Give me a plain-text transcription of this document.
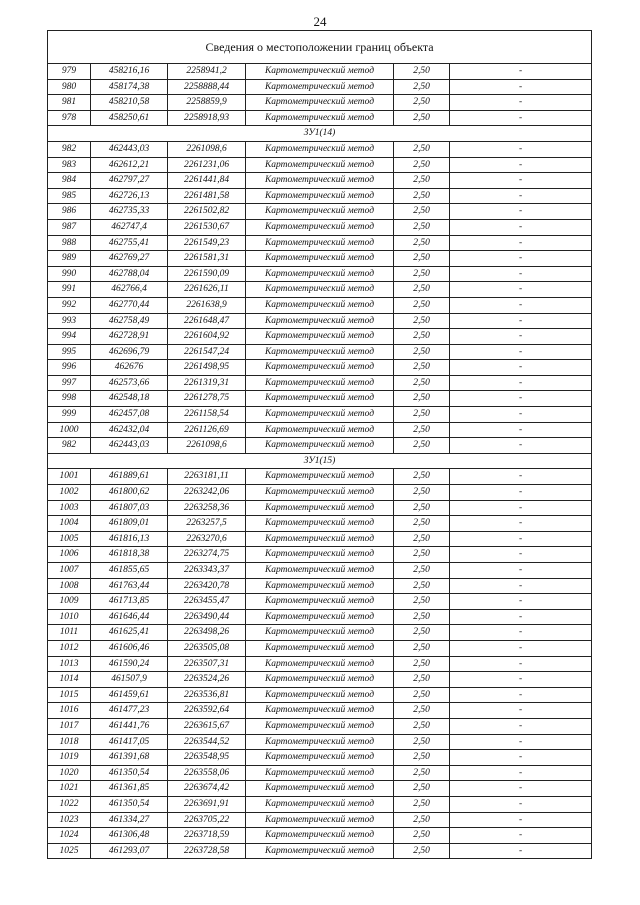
24
Сведения о местоположении границ объекта					
979	458216,16	2258941,2	Картометрический метод	2,50	-
980	458174,38	2258888,44	Картометрический метод	2,50	-
981	458210,58	2258859,9	Картометрический метод	2,50	-
978	458250,61	2258918,93	Картометрический метод	2,50	-
ЗУ1(14)					
982	462443,03	2261098,6	Картометрический метод	2,50	-
983	462612,21	2261231,06	Картометрический метод	2,50	-
984	462797,27	2261441,84	Картометрический метод	2,50	-
985	462726,13	2261481,58	Картометрический метод	2,50	-
986	462735,33	2261502,82	Картометрический метод	2,50	-
987	462747,4	2261530,67	Картометрический метод	2,50	-
988	462755,41	2261549,23	Картометрический метод	2,50	-
989	462769,27	2261581,31	Картометрический метод	2,50	-
990	462788,04	2261590,09	Картометрический метод	2,50	-
991	462766,4	2261626,11	Картометрический метод	2,50	-
992	462770,44	2261638,9	Картометрический метод	2,50	-
993	462758,49	2261648,47	Картометрический метод	2,50	-
994	462728,91	2261604,92	Картометрический метод	2,50	-
995	462696,79	2261547,24	Картометрический метод	2,50	-
996	462676	2261498,95	Картометрический метод	2,50	-
997	462573,66	2261319,31	Картометрический метод	2,50	-
998	462548,18	2261278,75	Картометрический метод	2,50	-
999	462457,08	2261158,54	Картометрический метод	2,50	-
1000	462432,04	2261126,69	Картометрический метод	2,50	-
982	462443,03	2261098,6	Картометрический метод	2,50	-
ЗУ1(15)					
1001	461889,61	2263181,11	Картометрический метод	2,50	-
1002	461800,62	2263242,06	Картометрический метод	2,50	-
1003	461807,03	2263258,36	Картометрический метод	2,50	-
1004	461809,01	2263257,5	Картометрический метод	2,50	-
1005	461816,13	2263270,6	Картометрический метод	2,50	-
1006	461818,38	2263274,75	Картометрический метод	2,50	-
1007	461855,65	2263343,37	Картометрический метод	2,50	-
1008	461763,44	2263420,78	Картометрический метод	2,50	-
1009	461713,85	2263455,47	Картометрический метод	2,50	-
1010	461646,44	2263490,44	Картометрический метод	2,50	-
1011	461625,41	2263498,26	Картометрический метод	2,50	-
1012	461606,46	2263505,08	Картометрический метод	2,50	-
1013	461590,24	2263507,31	Картометрический метод	2,50	-
1014	461507,9	2263524,26	Картометрический метод	2,50	-
1015	461459,61	2263536,81	Картометрический метод	2,50	-
1016	461477,23	2263592,64	Картометрический метод	2,50	-
1017	461441,76	2263615,67	Картометрический метод	2,50	-
1018	461417,05	2263544,52	Картометрический метод	2,50	-
1019	461391,68	2263548,95	Картометрический метод	2,50	-
1020	461350,54	2263558,06	Картометрический метод	2,50	-
1021	461361,85	2263674,42	Картометрический метод	2,50	-
1022	461350,54	2263691,91	Картометрический метод	2,50	-
1023	461334,27	2263705,22	Картометрический метод	2,50	-
1024	461306,48	2263718,59	Картометрический метод	2,50	-
1025	461293,07	2263728,58	Картометрический метод	2,50	-
